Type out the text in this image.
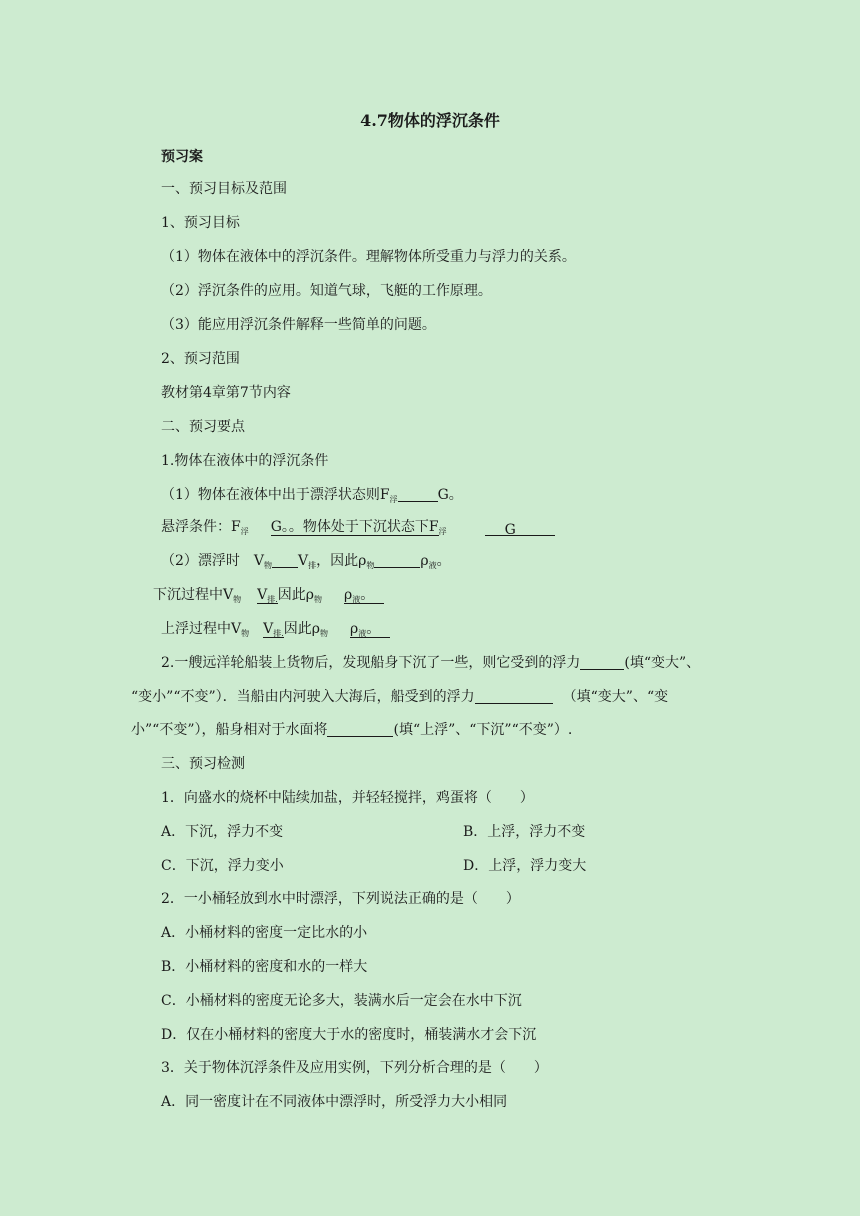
4.7物体的浮沉条件
预习案
一、预习目标及范围
1、预习目标
（1）物体在液体中的浮沉条件。理解物体所受重力与浮力的关系。
（2）浮沉条件的应用。知道气球，飞艇的工作原理。
（3）能应用浮沉条件解释一些简单的问题。
2、预习范围
教材第4章第7节内容
二、预习要点
1.物体在液体中的浮沉条件
（1）物体在液体中出于漂浮状态则$F_浮$	G。
悬浮条件：$F_浮$ G。。物体处于下沉状态下$F_浮$	G
（2）漂浮时　$V_物$ $V_排$，因此$\rho_物$	$\rho_液$。
下沉过程中$V_物$ $V_{排.}$因此$\rho_物$ $\rho_液$。
上浮过程中$V_物$ $V_{排.}$因此$\rho_物$ $\rho_液$。
2.一艘远洋轮船装上货物后，发现船身下沉了一些，则它受到的浮力	(填“变大”、
“变小”“不变”）．当船由内河驶入大海后，船受到的浮力	（填“变大”、“变
小”“不变”），船身相对于水面将	(填“上浮”、“下沉”“不变”）.
三、预习检测
1．向盛水的烧杯中陆续加盐，并轻轻搅拌，鸡蛋将（　　）
A．下沉，浮力不变	B．上浮，浮力不变
C．下沉，浮力变小	D．上浮，浮力变大
2．一小桶轻放到水中时漂浮，下列说法正确的是（　　）
A．小桶材料的密度一定比水的小
B．小桶材料的密度和水的一样大
C．小桶材料的密度无论多大，装满水后一定会在水中下沉
D．仅在小桶材料的密度大于水的密度时，桶装满水才会下沉
3．关于物体沉浮条件及应用实例，下列分析合理的是（　　）
A．同一密度计在不同液体中漂浮时，所受浮力大小相同
